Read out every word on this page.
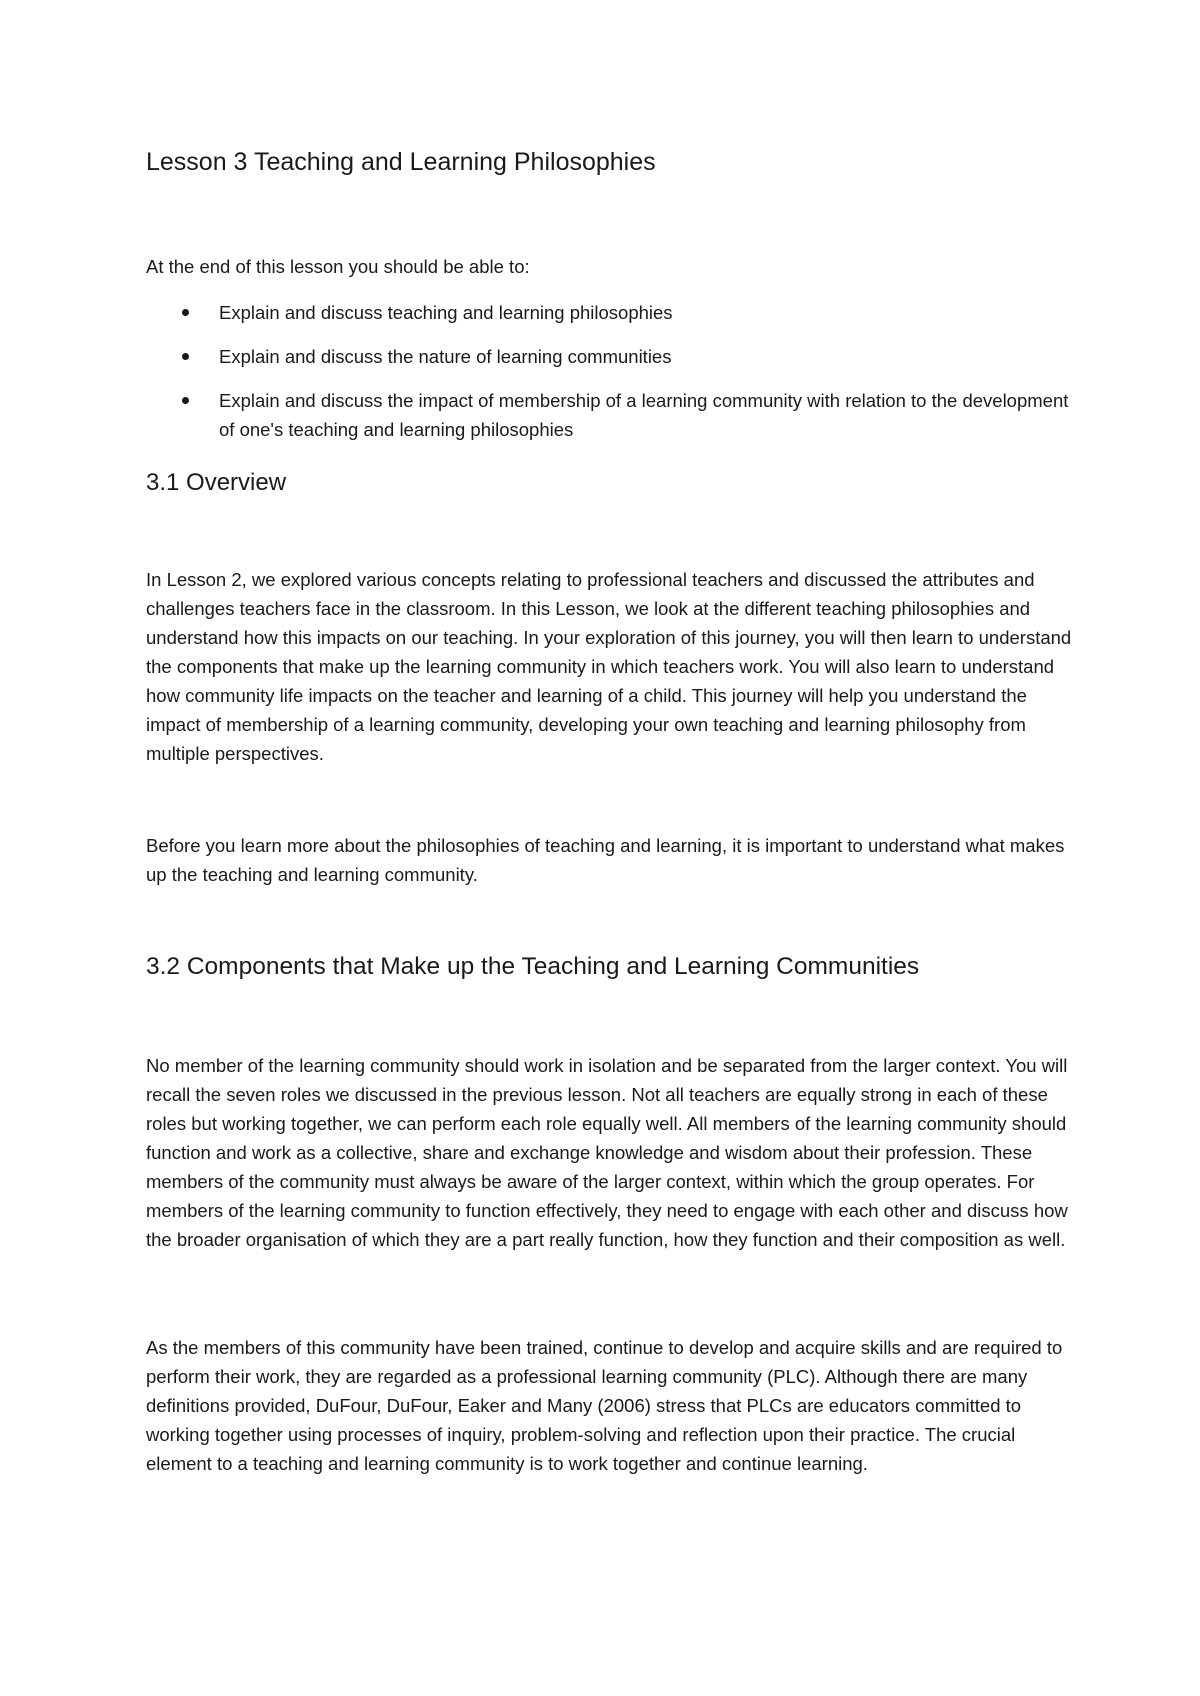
Lesson 3 Teaching and Learning Philosophies

At the end of this lesson you should be able to:

Explain and discuss teaching and learning philosophies
Explain and discuss the nature of learning communities
Explain and discuss the impact of membership of a learning community with relation to the development of one's teaching and learning philosophies
3.1 Overview

In Lesson 2, we explored various concepts relating to professional teachers and discussed the attributes and challenges teachers face in the classroom. In this Lesson, we look at the different teaching philosophies and understand how this impacts on our teaching. In your exploration of this journey, you will then learn to understand the components that make up the learning community in which teachers work. You will also learn to understand how community life impacts on the teacher and learning of a child. This journey will help you understand the impact of membership of a learning community, developing your own teaching and learning philosophy from multiple perspectives.

Before you learn more about the philosophies of teaching and learning, it is important to understand what makes up the teaching and learning community.

3.2 Components that Make up the Teaching and Learning Communities

No member of the learning community should work in isolation and be separated from the larger context. You will recall the seven roles we discussed in the previous lesson. Not all teachers are equally strong in each of these roles but working together, we can perform each role equally well. All members of the learning community should function and work as a collective, share and exchange knowledge and wisdom about their profession. These members of the community must always be aware of the larger context, within which the group operates. For members of the learning community to function effectively, they need to engage with each other and discuss how the broader organisation of which they are a part really function, how they function and their composition as well.

As the members of this community have been trained, continue to develop and acquire skills and are required to perform their work, they are regarded as a professional learning community (PLC). Although there are many definitions provided, DuFour, DuFour, Eaker and Many (2006) stress that PLCs are educators committed to working together using processes of inquiry, problem-solving and reflection upon their practice. The crucial element to a teaching and learning community is to work together and continue learning.
